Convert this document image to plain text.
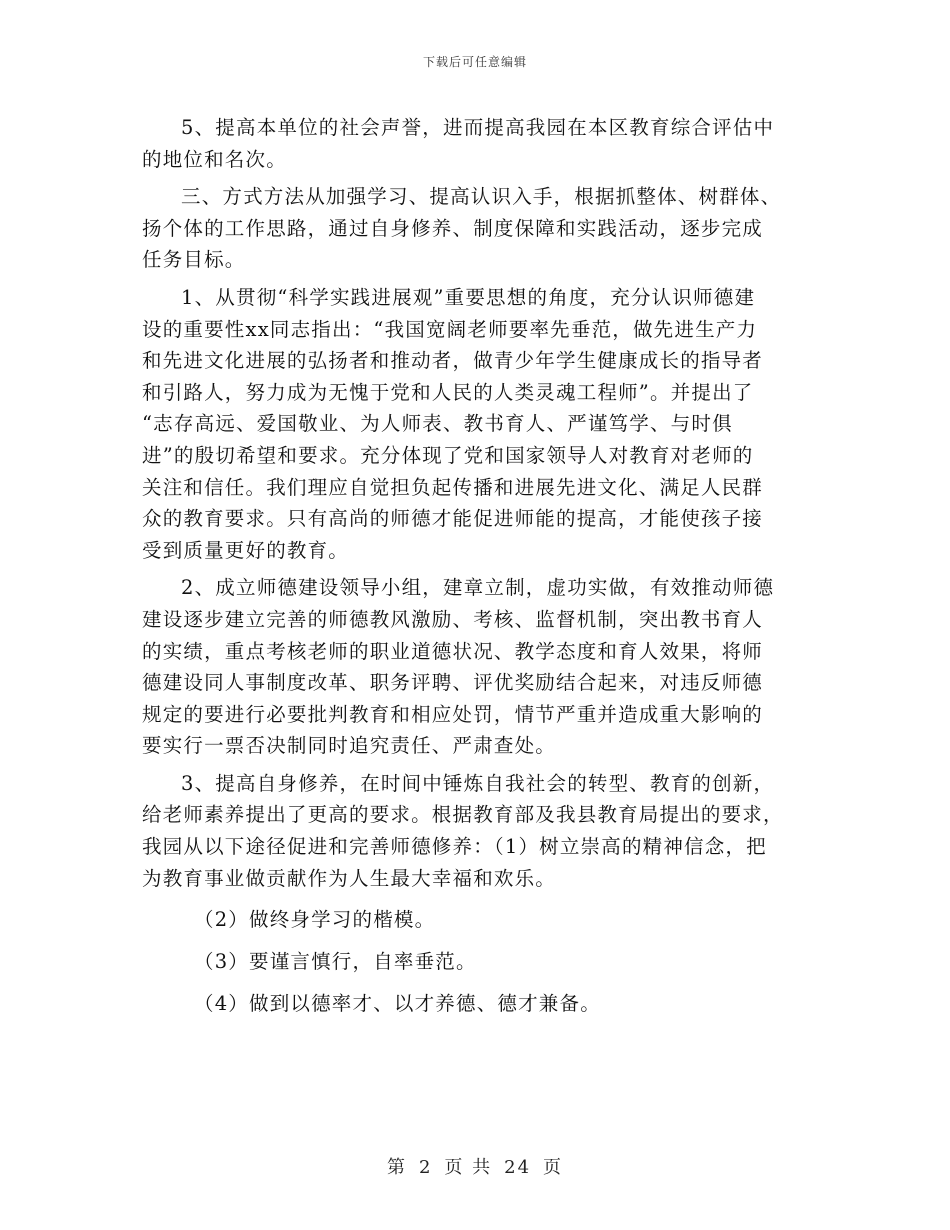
下载后可任意编辑

5、提高本单位的社会声誉，进而提高我园在本区教育综合评估中
的地位和名次。

三、方式方法从加强学习、提高认识入手，根据抓整体、树群体、
扬个体的工作思路，通过自身修养、制度保障和实践活动，逐步完成
任务目标。

1、从贯彻“科学实践进展观”重要思想的角度，充分认识师德建
设的重要性xx同志指出：“我国宽阔老师要率先垂范，做先进生产力
和先进文化进展的弘扬者和推动者，做青少年学生健康成长的指导者
和引路人，努力成为无愧于党和人民的人类灵魂工程师”。并提出了
“志存高远、爱国敬业、为人师表、教书育人、严谨笃学、与时俱
进”的殷切希望和要求。充分体现了党和国家领导人对教育对老师的
关注和信任。我们理应自觉担负起传播和进展先进文化、满足人民群
众的教育要求。只有高尚的师德才能促进师能的提高，才能使孩子接
受到质量更好的教育。

2、成立师德建设领导小组，建章立制，虚功实做，有效推动师德
建设逐步建立完善的师德教风激励、考核、监督机制，突出教书育人
的实绩，重点考核老师的职业道德状况、教学态度和育人效果，将师
德建设同人事制度改革、职务评聘、评优奖励结合起来，对违反师德
规定的要进行必要批判教育和相应处罚，情节严重并造成重大影响的
要实行一票否决制同时追究责任、严肃查处。

3、提高自身修养，在时间中锤炼自我社会的转型、教育的创新，
给老师素养提出了更高的要求。根据教育部及我县教育局提出的要求，
我园从以下途径促进和完善师德修养：（1）树立崇高的精神信念，把
为教育事业做贡献作为人生最大幸福和欢乐。

（2）做终身学习的楷模。

（3）要谨言慎行，自率垂范。

（4）做到以德率才、以才养德、德才兼备。

第 2 页 共 24 页
